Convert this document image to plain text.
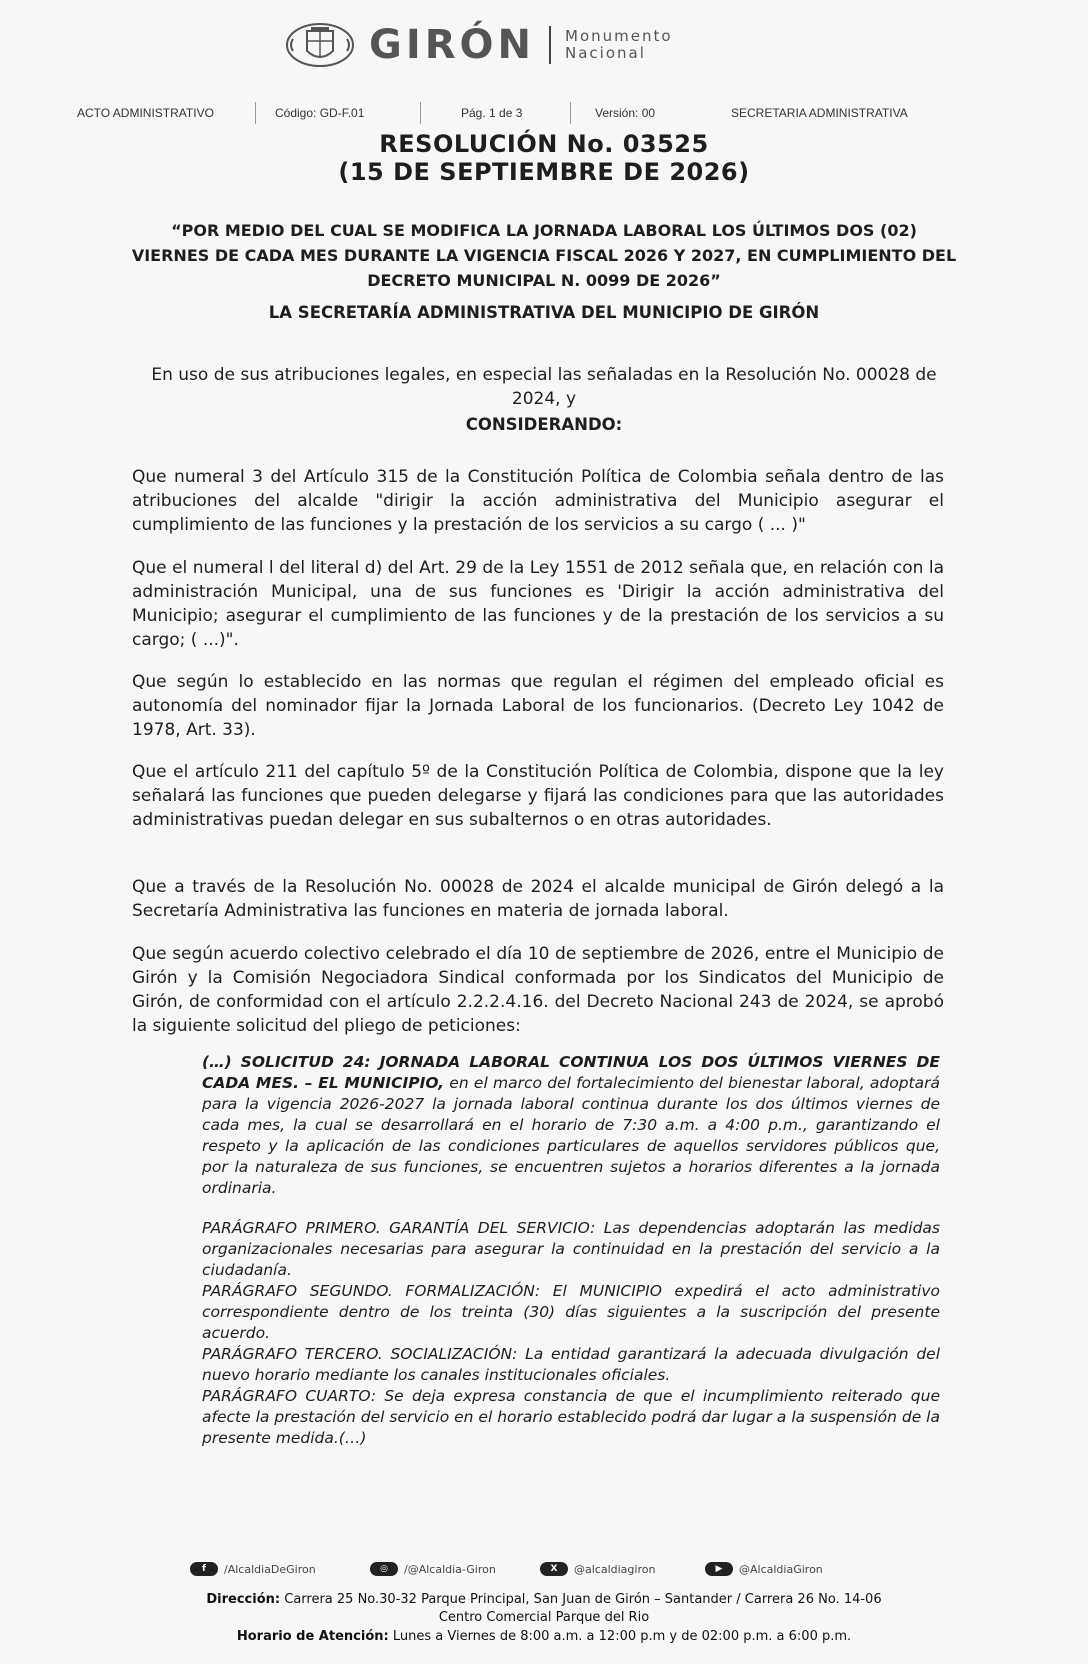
GIRÓN Monumento
Nacional
ACTO ADMINISTRATIVO	Código: GD-F.01	Pág. 1 de 3	Versión: 00	SECRETARIA ADMINISTRATIVA
RESOLUCIÓN No. 03525
(15 DE SEPTIEMBRE DE 2026)
“POR MEDIO DEL CUAL SE MODIFICA LA JORNADA LABORAL LOS ÚLTIMOS DOS (02) VIERNES DE CADA MES DURANTE LA VIGENCIA FISCAL 2026 Y 2027, EN CUMPLIMIENTO DEL DECRETO MUNICIPAL N. 0099 DE 2026”
LA SECRETARÍA ADMINISTRATIVA DEL MUNICIPIO DE GIRÓN
En uso de sus atribuciones legales, en especial las señaladas en la Resolución No. 00028 de 2024, y
CONSIDERANDO:
Que numeral 3 del Artículo 315 de la Constitución Política de Colombia señala dentro de las atribuciones del alcalde "dirigir la acción administrativa del Municipio asegurar el cumplimiento de las funciones y la prestación de los servicios a su cargo ( ... )"
Que el numeral l del literal d) del Art. 29 de la Ley 1551 de 2012 señala que, en relación con la administración Municipal, una de sus funciones es 'Dirigir la acción administrativa del Municipio; asegurar el cumplimiento de las funciones y de la prestación de los servicios a su cargo; ( ...)".
Que según lo establecido en las normas que regulan el régimen del empleado oficial es autonomía del nominador fijar la Jornada Laboral de los funcionarios. (Decreto Ley 1042 de 1978, Art. 33).
Que el artículo 211 del capítulo 5º de la Constitución Política de Colombia, dispone que la ley señalará las funciones que pueden delegarse y fijará las condiciones para que las autoridades administrativas puedan delegar en sus subalternos o en otras autoridades.
Que a través de la Resolución No. 00028 de 2024 el alcalde municipal de Girón delegó a la Secretaría Administrativa las funciones en materia de jornada laboral.
Que según acuerdo colectivo celebrado el día 10 de septiembre de 2026, entre el Municipio de Girón y la Comisión Negociadora Sindical conformada por los Sindicatos del Municipio de Girón, de conformidad con el artículo 2.2.2.4.16. del Decreto Nacional 243 de 2024, se aprobó la siguiente solicitud del pliego de peticiones:
(…) SOLICITUD 24: JORNADA LABORAL CONTINUA LOS DOS ÚLTIMOS VIERNES DE CADA MES. – EL MUNICIPIO, en el marco del fortalecimiento del bienestar laboral, adoptará para la vigencia 2026-2027 la jornada laboral continua durante los dos últimos viernes de cada mes, la cual se desarrollará en el horario de 7:30 a.m. a 4:00 p.m., garantizando el respeto y la aplicación de las condiciones particulares de aquellos servidores públicos que, por la naturaleza de sus funciones, se encuentren sujetos a horarios diferentes a la jornada ordinaria.
PARÁGRAFO PRIMERO. GARANTÍA DEL SERVICIO: Las dependencias adoptarán las medidas organizacionales necesarias para asegurar la continuidad en la prestación del servicio a la ciudadanía.
PARÁGRAFO SEGUNDO. FORMALIZACIÓN: El MUNICIPIO expedirá el acto administrativo correspondiente dentro de los treinta (30) días siguientes a la suscripción del presente acuerdo.
PARÁGRAFO TERCERO. SOCIALIZACIÓN: La entidad garantizará la adecuada divulgación del nuevo horario mediante los canales institucionales oficiales.
PARÁGRAFO CUARTO: Se deja expresa constancia de que el incumplimiento reiterado que afecte la prestación del servicio en el horario establecido podrá dar lugar a la suspensión de la presente medida.(…)
f	/AlcaldiaDeGiron	◎	/@Alcaldia-Giron	X	@alcaldiagiron	▶	@AlcaldiaGiron
Dirección: Carrera 25 No.30-32 Parque Principal, San Juan de Girón – Santander / Carrera 26 No. 14-06
Centro Comercial Parque del Rio
Horario de Atención: Lunes a Viernes de 8:00 a.m. a 12:00 p.m y de 02:00 p.m. a 6:00 p.m.
